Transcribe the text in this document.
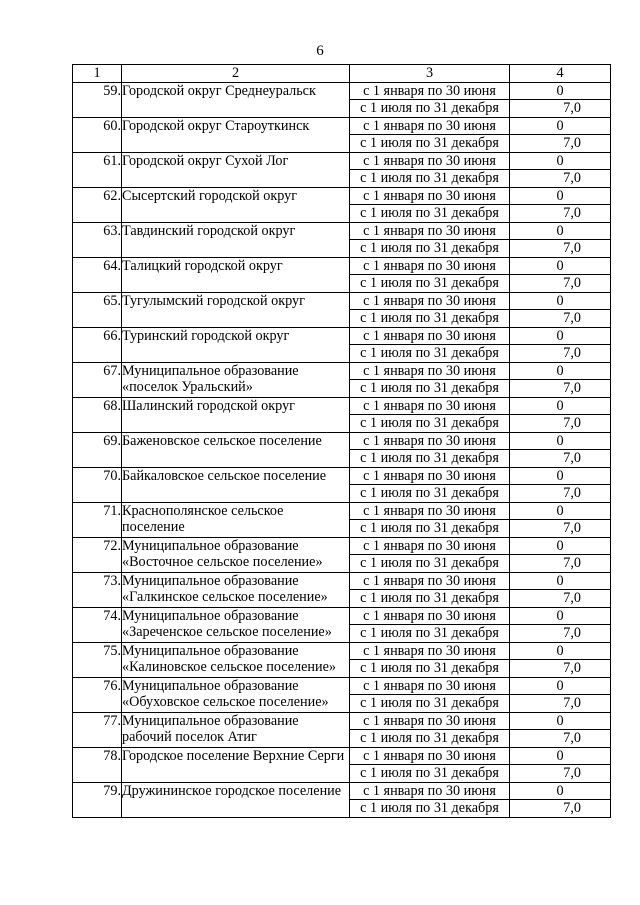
6
1	2	3	4
59.	Городской округ Среднеуральск	с 1 января по 30 июня	0
		с 1 июля по 31 декабря	7,0
60.	Городской округ Староуткинск	с 1 января по 30 июня	0
		с 1 июля по 31 декабря	7,0
61.	Городской округ Сухой Лог	с 1 января по 30 июня	0
		с 1 июля по 31 декабря	7,0
62.	Сысертский городской округ	с 1 января по 30 июня	0
		с 1 июля по 31 декабря	7,0
63.	Тавдинский городской округ	с 1 января по 30 июня	0
		с 1 июля по 31 декабря	7,0
64.	Талицкий городской округ	с 1 января по 30 июня	0
		с 1 июля по 31 декабря	7,0
65.	Тугулымский городской округ	с 1 января по 30 июня	0
		с 1 июля по 31 декабря	7,0
66.	Туринский городской округ	с 1 января по 30 июня	0
		с 1 июля по 31 декабря	7,0
67.	Муниципальное образование «поселок Уральский»	с 1 января по 30 июня	0
		с 1 июля по 31 декабря	7,0
68.	Шалинский городской округ	с 1 января по 30 июня	0
		с 1 июля по 31 декабря	7,0
69.	Баженовское сельское поселение	с 1 января по 30 июня	0
		с 1 июля по 31 декабря	7,0
70.	Байкаловское сельское поселение	с 1 января по 30 июня	0
		с 1 июля по 31 декабря	7,0
71.	Краснополянское сельское поселение	с 1 января по 30 июня	0
		с 1 июля по 31 декабря	7,0
72.	Муниципальное образование «Восточное сельское поселение»	с 1 января по 30 июня	0
		с 1 июля по 31 декабря	7,0
73.	Муниципальное образование «Галкинское сельское поселение»	с 1 января по 30 июня	0
		с 1 июля по 31 декабря	7,0
74.	Муниципальное образование «Зареченское сельское поселение»	с 1 января по 30 июня	0
		с 1 июля по 31 декабря	7,0
75.	Муниципальное образование «Калиновское сельское поселение»	с 1 января по 30 июня	0
		с 1 июля по 31 декабря	7,0
76.	Муниципальное образование «Обуховское сельское поселение»	с 1 января по 30 июня	0
		с 1 июля по 31 декабря	7,0
77.	Муниципальное образование рабочий поселок Атиг	с 1 января по 30 июня	0
		с 1 июля по 31 декабря	7,0
78.	Городское поселение Верхние Серги	с 1 января по 30 июня	0
		с 1 июля по 31 декабря	7,0
79.	Дружининское городское поселение	с 1 января по 30 июня	0
		с 1 июля по 31 декабря	7,0
